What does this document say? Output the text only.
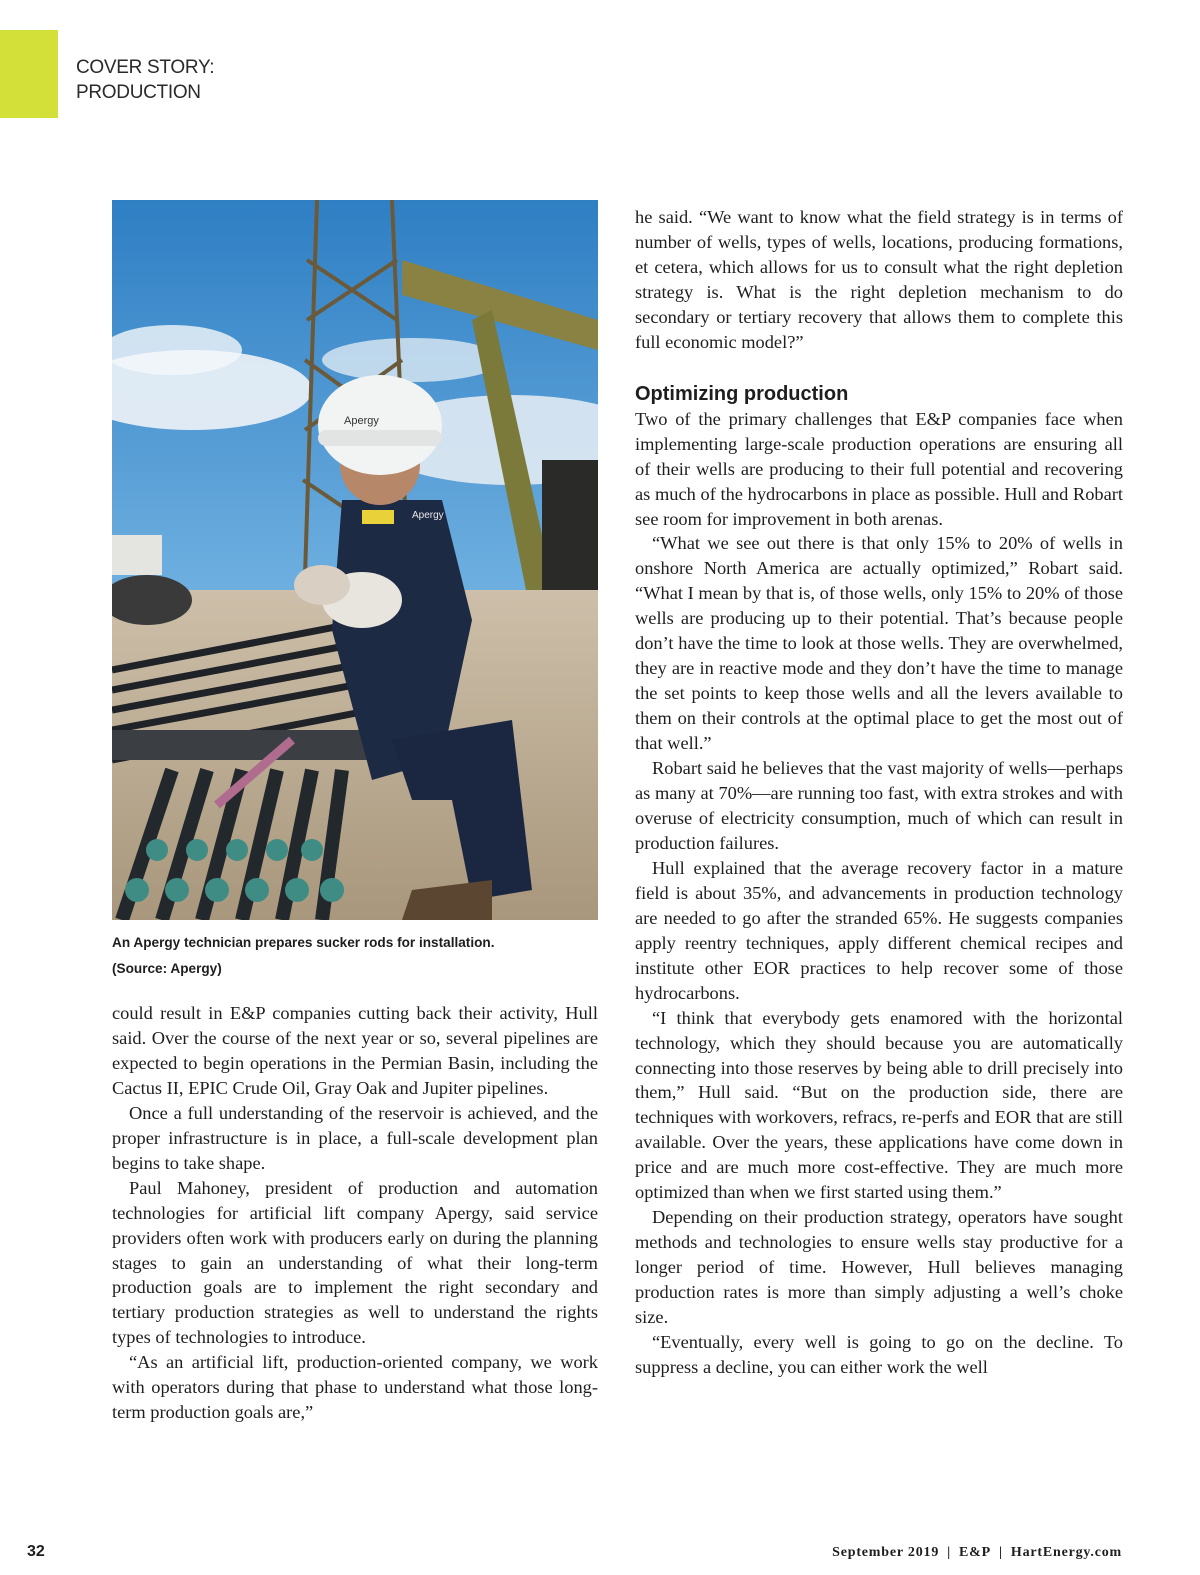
COVER STORY:
PRODUCTION
Apergy
Apergy
An Apergy technician prepares sucker rods for installation.
(Source: Apergy)

could result in E&P companies cutting back their activity, Hull said. Over the course of the next year or so, several pipelines are expected to begin operations in the Permian Basin, including the Cactus II, EPIC Crude Oil, Gray Oak and Jupiter pipelines.

Once a full understanding of the reservoir is achieved, and the proper infrastructure is in place, a full-scale development plan begins to take shape.

Paul Mahoney, president of production and automation technologies for artificial lift company Apergy, said service providers often work with producers early on during the planning stages to gain an understanding of what their long-term production goals are to implement the right secondary and tertiary production strategies as well to understand the rights types of technologies to introduce.

“As an artificial lift, production-oriented company, we work with operators during that phase to understand what those long-term production goals are,”

he said. “We want to know what the field strategy is in terms of number of wells, types of wells, locations, producing formations, et cetera, which allows for us to consult what the right depletion strategy is. What is the right depletion mechanism to do secondary or tertiary recovery that allows them to complete this full economic model?”

Optimizing production

Two of the primary challenges that E&P companies face when implementing large-scale production operations are ensuring all of their wells are producing to their full potential and recovering as much of the hydrocarbons in place as possible. Hull and Robart see room for improvement in both arenas.

“What we see out there is that only 15% to 20% of wells in onshore North America are actually optimized,” Robart said. “What I mean by that is, of those wells, only 15% to 20% of those wells are producing up to their potential. That’s because people don’t have the time to look at those wells. They are overwhelmed, they are in reactive mode and they don’t have the time to manage the set points to keep those wells and all the levers available to them on their controls at the optimal place to get the most out of that well.”

Robart said he believes that the vast majority of wells—perhaps as many at 70%—are running too fast, with extra strokes and with overuse of electricity consumption, much of which can result in production failures.

Hull explained that the average recovery factor in a mature field is about 35%, and advancements in production technology are needed to go after the stranded 65%. He suggests companies apply reentry techniques, apply different chemical recipes and institute other EOR practices to help recover some of those hydrocarbons.

“I think that everybody gets enamored with the horizontal technology, which they should because you are automatically connecting into those reserves by being able to drill precisely into them,” Hull said. “But on the production side, there are techniques with workovers, refracs, re-perfs and EOR that are still available. Over the years, these applications have come down in price and are much more cost-effective. They are much more optimized than when we first started using them.”

Depending on their production strategy, operators have sought methods and technologies to ensure wells stay productive for a longer period of time. However, Hull believes managing production rates is more than simply adjusting a well’s choke size.

“Eventually, every well is going to go on the decline. To suppress a decline, you can either work the well

32	September 2019 | E&P | HartEnergy.com
